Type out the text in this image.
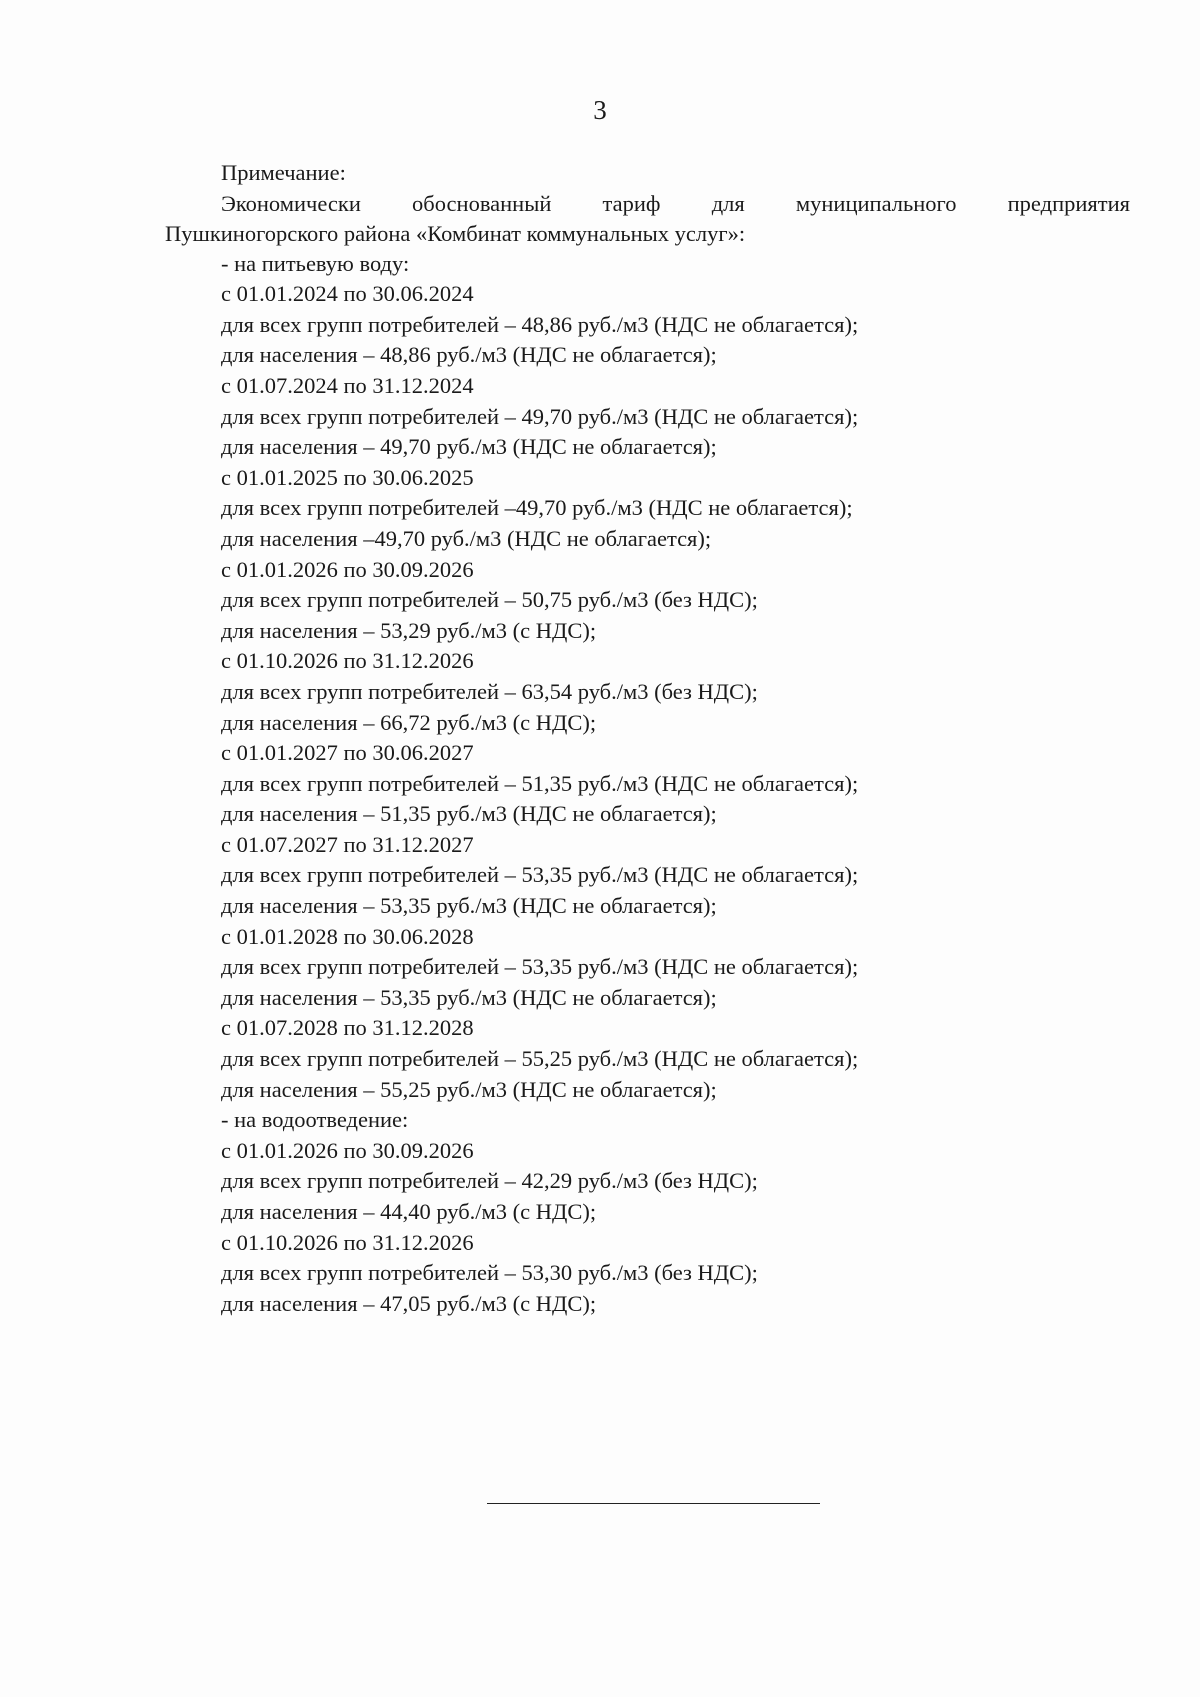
3
Примечание:
Экономически обоснованный тариф для муниципального предприятия
Пушкиногорского района «Комбинат коммунальных услуг»:
- на питьевую воду:
с 01.01.2024 по 30.06.2024
для всех групп потребителей – 48,86 руб./м3 (НДС не облагается);
для населения – 48,86 руб./м3 (НДС не облагается);
с 01.07.2024 по 31.12.2024
для всех групп потребителей – 49,70 руб./м3 (НДС не облагается);
для населения – 49,70 руб./м3 (НДС не облагается);
с 01.01.2025 по 30.06.2025
для всех групп потребителей –49,70 руб./м3 (НДС не облагается);
для населения –49,70 руб./м3 (НДС не облагается);
с 01.01.2026 по 30.09.2026
для всех групп потребителей – 50,75 руб./м3 (без НДС);
для населения – 53,29 руб./м3 (с НДС);
с 01.10.2026 по 31.12.2026
для всех групп потребителей – 63,54 руб./м3 (без НДС);
для населения – 66,72 руб./м3 (с НДС);
с 01.01.2027 по 30.06.2027
для всех групп потребителей – 51,35 руб./м3 (НДС не облагается);
для населения – 51,35 руб./м3 (НДС не облагается);
с 01.07.2027 по 31.12.2027
для всех групп потребителей – 53,35 руб./м3 (НДС не облагается);
для населения – 53,35 руб./м3 (НДС не облагается);
с 01.01.2028 по 30.06.2028
для всех групп потребителей – 53,35 руб./м3 (НДС не облагается);
для населения – 53,35 руб./м3 (НДС не облагается);
с 01.07.2028 по 31.12.2028
для всех групп потребителей – 55,25 руб./м3 (НДС не облагается);
для населения – 55,25 руб./м3 (НДС не облагается);
- на водоотведение:
с 01.01.2026 по 30.09.2026
для всех групп потребителей – 42,29 руб./м3 (без НДС);
для населения – 44,40 руб./м3 (с НДС);
с 01.10.2026 по 31.12.2026
для всех групп потребителей – 53,30 руб./м3 (без НДС);
для населения – 47,05 руб./м3 (с НДС);
